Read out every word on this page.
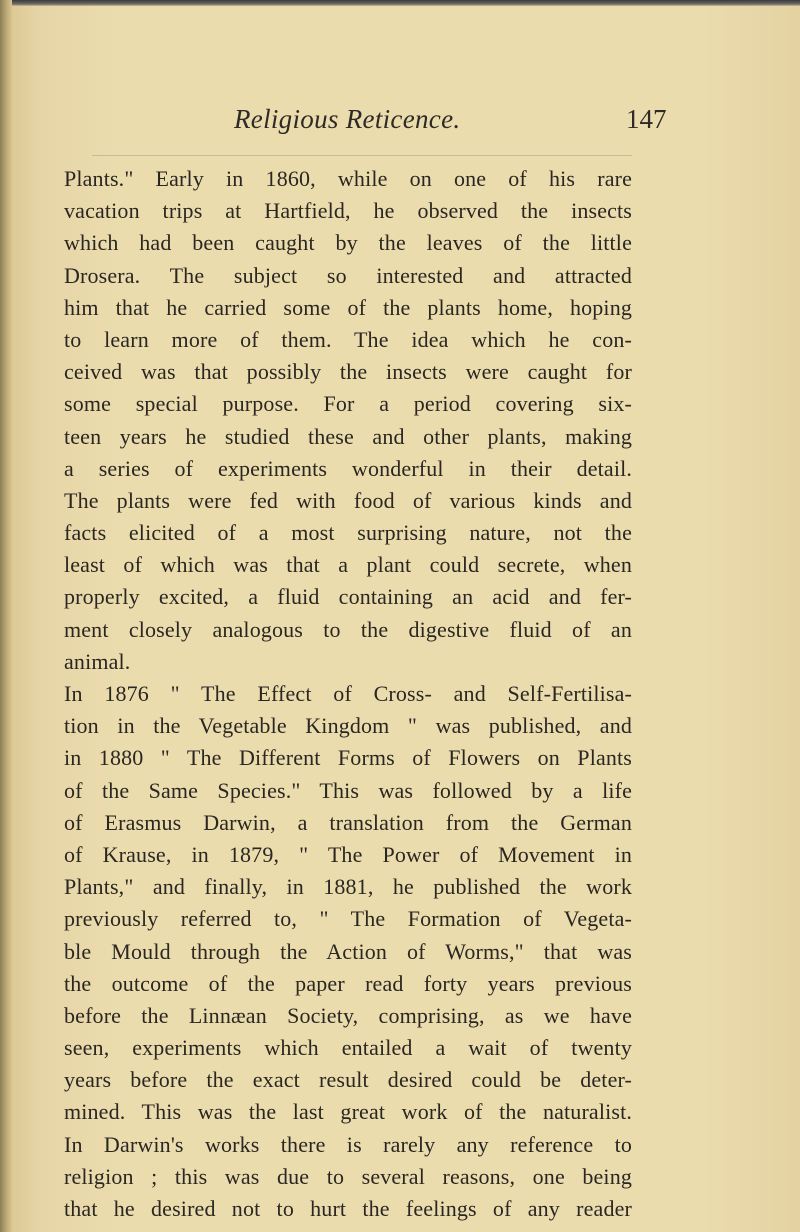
Religious Reticence.	147
Plants." Early in 1860, while on one of his rare
vacation trips at Hartfield, he observed the insects
which had been caught by the leaves of the little
Drosera. The subject so interested and attracted
him that he carried some of the plants home, hoping
to learn more of them. The idea which he con-
ceived was that possibly the insects were caught for
some special purpose. For a period covering six-
teen years he studied these and other plants, making
a series of experiments wonderful in their detail.
The plants were fed with food of various kinds and
facts elicited of a most surprising nature, not the
least of which was that a plant could secrete, when
properly excited, a fluid containing an acid and fer-
ment closely analogous to the digestive fluid of an
animal.
In 1876 " The Effect of Cross- and Self-Fertilisa-
tion in the Vegetable Kingdom " was published, and
in 1880 " The Different Forms of Flowers on Plants
of the Same Species." This was followed by a life
of Erasmus Darwin, a translation from the German
of Krause, in 1879, " The Power of Movement in
Plants," and finally, in 1881, he published the work
previously referred to, " The Formation of Vegeta-
ble Mould through the Action of Worms," that was
the outcome of the paper read forty years previous
before the Linnæan Society, comprising, as we have
seen, experiments which entailed a wait of twenty
years before the exact result desired could be deter-
mined. This was the last great work of the naturalist.
In Darwin's works there is rarely any reference to
religion ; this was due to several reasons, one being
that he desired not to hurt the feelings of any reader
